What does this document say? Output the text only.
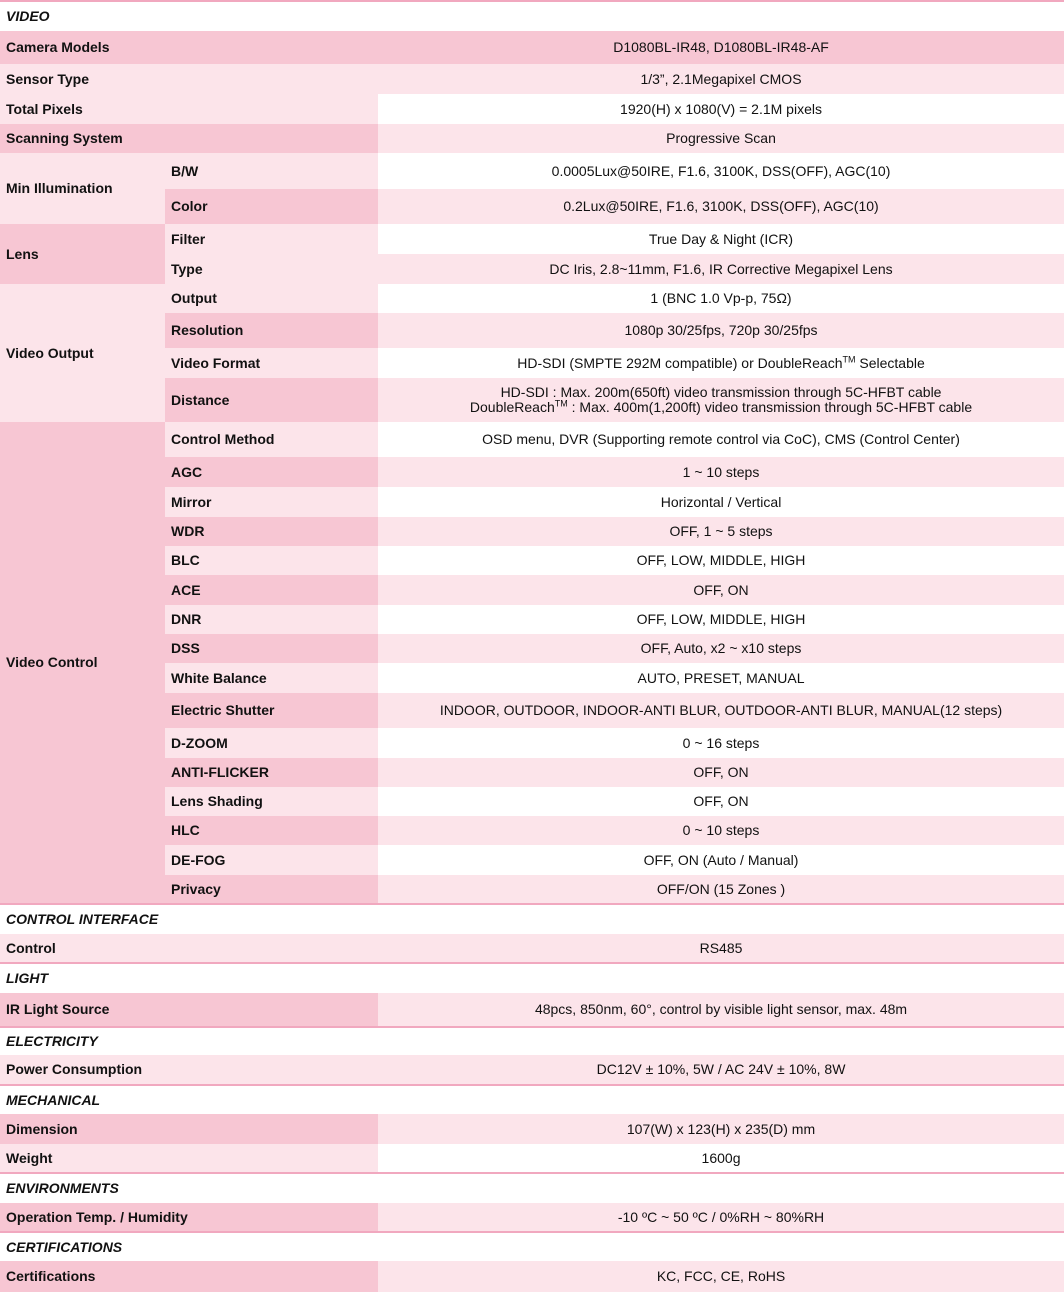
VIDEO		
Camera Models		D1080BL-IR48, D1080BL-IR48-AF
Sensor Type		1/3”, 2.1Megapixel CMOS
Total Pixels		1920(H) x 1080(V) = 2.1M pixels
Scanning System		Progressive Scan
Min Illumination	B/W	0.0005Lux@50IRE, F1.6, 3100K, DSS(OFF), AGC(10)
	Color	0.2Lux@50IRE, F1.6, 3100K, DSS(OFF), AGC(10)
Lens	Filter	True Day & Night (ICR)
	Type	DC Iris, 2.8~11mm, F1.6, IR Corrective Megapixel Lens
Video Output	Output	1 (BNC 1.0 Vp-p, 75Ω)
	Resolution	1080p 30/25fps, 720p 30/25fps
	Video Format	HD-SDI (SMPTE 292M compatible) or DoubleReach™ Selectable
	Distance	HD-SDI : Max. 200m(650ft) video transmission through 5C-HFBT cable
DoubleReach™ : Max. 400m(1,200ft) video transmission through 5C-HFBT cable

Video Control	Control Method	OSD menu, DVR (Supporting remote control via CoC), CMS (Control Center)
	AGC	1 ~ 10 steps
	Mirror	Horizontal / Vertical
	WDR	OFF, 1 ~ 5 steps
	BLC	OFF, LOW, MIDDLE, HIGH
	ACE	OFF, ON
	DNR	OFF, LOW, MIDDLE, HIGH
	DSS	OFF, Auto, x2 ~ x10 steps
	White Balance	AUTO, PRESET, MANUAL
	Electric Shutter	INDOOR, OUTDOOR, INDOOR-ANTI BLUR, OUTDOOR-ANTI BLUR, MANUAL(12 steps)
	D-ZOOM	0 ~ 16 steps
	ANTI-FLICKER	OFF, ON
	Lens Shading	OFF, ON
	HLC	0 ~ 10 steps
	DE-FOG	OFF, ON (Auto / Manual)
	Privacy	OFF/ON (15 Zones )
CONTROL INTERFACE		
Control		RS485
LIGHT		
IR Light Source		48pcs, 850nm, 60°, control by visible light sensor, max. 48m
ELECTRICITY		
Power Consumption		DC12V ± 10%, 5W / AC 24V ± 10%, 8W
MECHANICAL		
Dimension		107(W) x 123(H) x 235(D) mm
Weight		1600g
ENVIRONMENTS		
Operation Temp. / Humidity		-10 ºC ~ 50 ºC / 0%RH ~ 80%RH
CERTIFICATIONS		
Certifications		KC, FCC, CE, RoHS
